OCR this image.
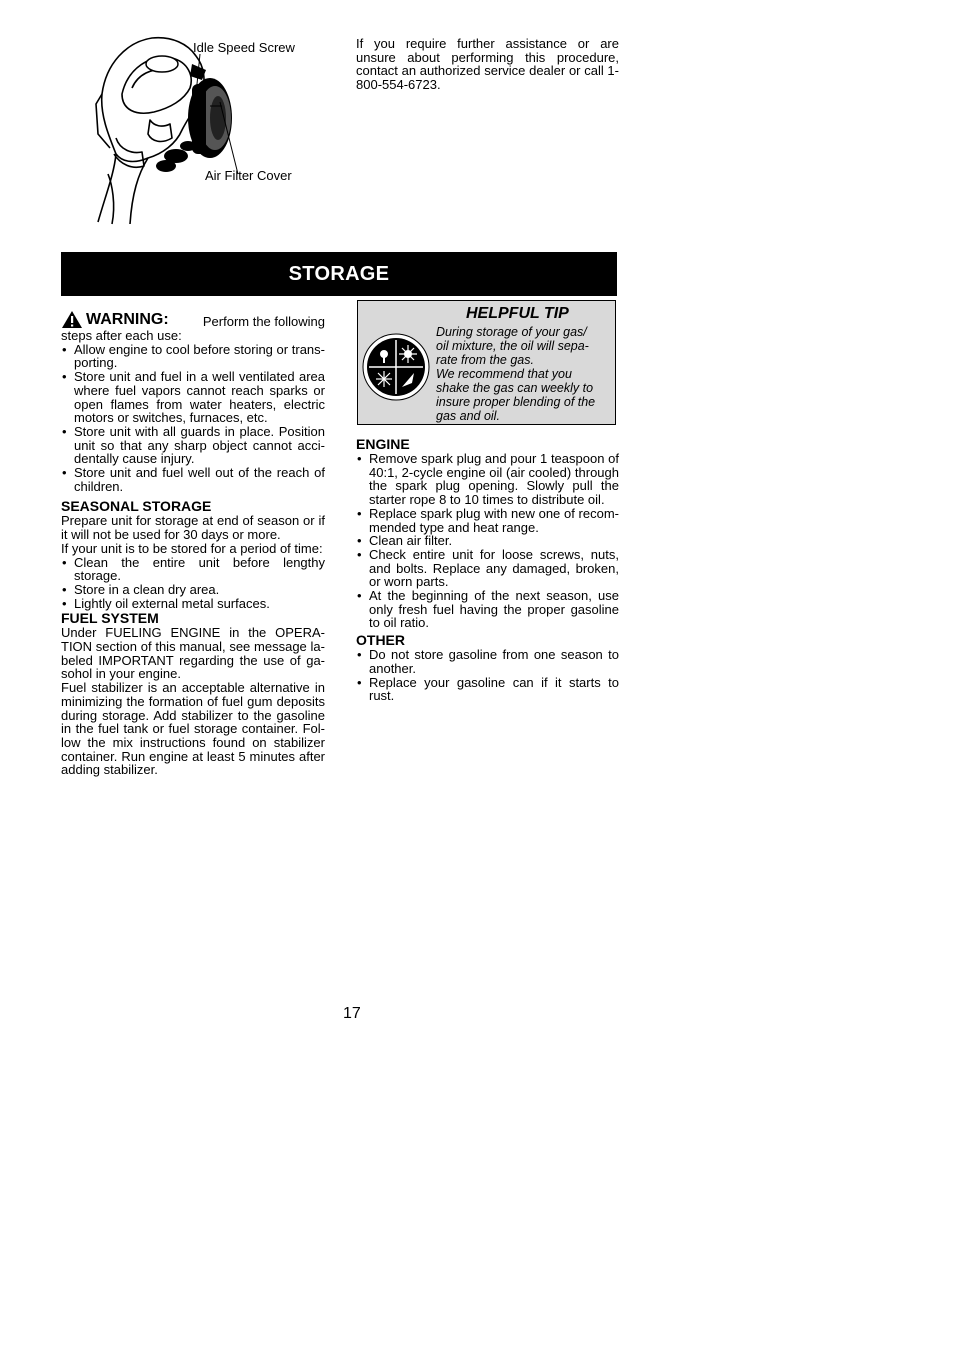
Idle Speed Screw
Air Filter Cover
If you require further assistance or are unsure about performing this procedure, contact an authorized service dealer or call 1-800-554-6723.
STORAGE
WARNING:	Perform the following

steps after each use:

• Allow engine to cool before storing or trans-porting.
• Store unit and fuel in a well ventilated area where fuel vapors cannot reach sparks or open flames from water heaters, electric motors or switches, furnaces, etc.
• Store unit with all guards in place. Position unit so that any sharp object cannot acci-dentally cause injury.
• Store unit and fuel well out of the reach of children.
SEASONAL STORAGE

Prepare unit for storage at end of season or if it will not be used for 30 days or more.

If your unit is to be stored for a period of time:

• Clean the entire unit before lengthy storage.
• Store in a clean dry area.
• Lightly oil external metal surfaces.
FUEL SYSTEM

Under FUELING ENGINE in the OPERA-TION section of this manual, see message la-beled IMPORTANT regarding the use of ga-sohol in your engine.

Fuel stabilizer is an acceptable alternative in minimizing the formation of fuel gum deposits during storage. Add stabilizer to the gasoline in the fuel tank or fuel storage container. Fol-low the mix instructions found on stabilizer container. Run engine at least 5 minutes after adding stabilizer.

HELPFUL TIP
During storage of your gas/ oil mixture, the oil will sepa-rate from the gas.
We recommend that you shake the gas can weekly to insure proper blending of the gas and oil.
ENGINE
• Remove spark plug and pour 1 teaspoon of 40:1, 2-cycle engine oil (air cooled) through the spark plug opening. Slowly pull the starter rope 8 to 10 times to distribute oil.
• Replace spark plug with new one of recom-mended type and heat range.
• Clean air filter.
• Check entire unit for loose screws, nuts, and bolts. Replace any damaged, broken, or worn parts.
• At the beginning of the next season, use only fresh fuel having the proper gasoline to oil ratio.
OTHER
• Do not store gasoline from one season to another.
• Replace your gasoline can if it starts to rust.
17
